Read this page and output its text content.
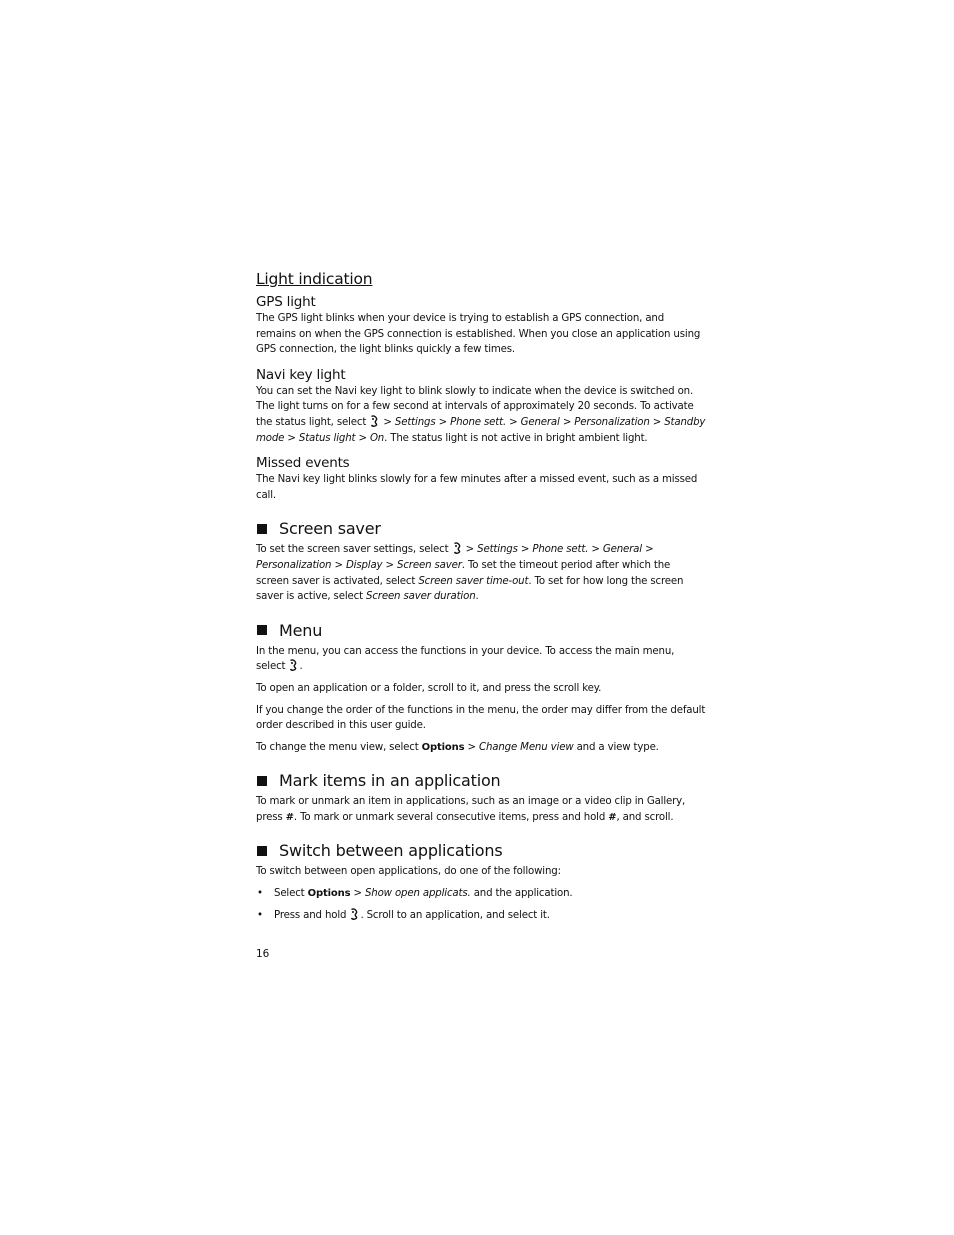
Light indication
GPS light

The GPS light blinks when your device is trying to establish a GPS connection, and remains on when the GPS connection is established. When you close an application using GPS connection, the light blinks quickly a few times.

Navi key light

You can set the Navi key light to blink slowly to indicate when the device is switched on. The light turns on for a few second at intervals of approximately 20 seconds. To activate the status light, select > Settings > Phone sett. > General > Personalization > Standby mode > Status light > On. The status light is not active in bright ambient light.

Missed events

The Navi key light blinks slowly for a few minutes after a missed event, such as a missed call.

Screen saver

To set the screen saver settings, select > Settings > Phone sett. > General > Personalization > Display > Screen saver. To set the timeout period after which the screen saver is activated, select Screen saver time-out. To set for how long the screen saver is active, select Screen saver duration.

Menu

In the menu, you can access the functions in your device. To access the main menu, select .

To open an application or a folder, scroll to it, and press the scroll key.

If you change the order of the functions in the menu, the order may differ from the default order described in this user guide.

To change the menu view, select Options > Change Menu view and a view type.

Mark items in an application

To mark or unmark an item in applications, such as an image or a video clip in Gallery, press #. To mark or unmark several consecutive items, press and hold #, and scroll.

Switch between applications

To switch between open applications, do one of the following:

• Select Options > Show open applicats. and the application.
• Press and hold . Scroll to an application, and select it.
16
